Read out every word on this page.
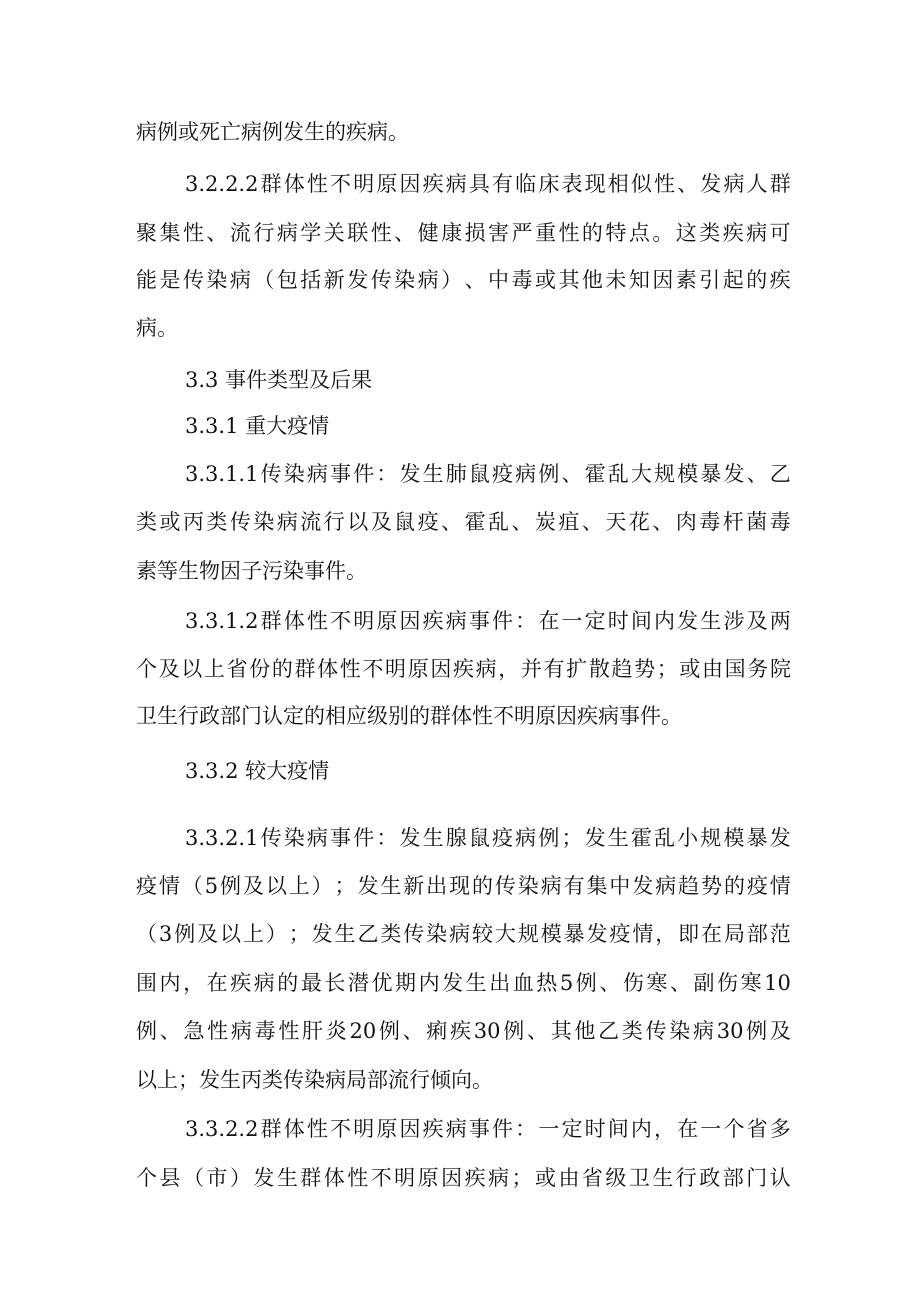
病例或死亡病例发生的疾病。
3.2.2.2 群 体 性 不 明 原 因 疾 病 具 有 临 床 表 现 相 似 性 、 发 病 人 群
聚 集 性 、 流 行 病 学 关 联 性 、 健 康 损 害 严 重 性 的 特 点 。 这 类 疾 病 可
能 是 传 染 病 （ 包 括 新 发 传 染 病 ） 、 中 毒 或 其 他 未 知 因 素 引 起 的 疾
病。
3.3 事件类型及后果
3.3.1 重大疫情
3.3.1.1 传 染 病 事 件 ： 发 生 肺 鼠 疫 病 例 、 霍 乱 大 规 模 暴 发 、 乙
类 或 丙 类 传 染 病 流 行 以 及 鼠 疫 、 霍 乱 、 炭 疽 、 天 花 、 肉 毒 杆 菌 毒
素等生物因子污染事件。
3.3.1.2 群 体 性 不 明 原 因 疾 病 事 件 ： 在 一 定 时 间 内 发 生 涉 及 两
个 及 以 上 省 份 的 群 体 性 不 明 原 因 疾 病 ， 并 有 扩 散 趋 势 ； 或 由 国 务 院
卫生行政部门认定的相应级别的群体性不明原因疾病事件。
3.3.2 较大疫情
3.3.2.1 传 染 病 事 件 ： 发 生 腺 鼠 疫 病 例 ； 发 生 霍 乱 小 规 模 暴 发
疫 情 （ 5 例 及 以 上 ） ； 发 生 新 出 现 的 传 染 病 有 集 中 发 病 趋 势 的 疫 情
（ 3 例 及 以 上 ） ； 发 生 乙 类 传 染 病 较 大 规 模 暴 发 疫 情 ， 即 在 局 部 范
围 内 ， 在 疾 病 的 最 长 潜 优 期 内 发 生 出 血 热 5 例 、 伤 寒 、 副 伤 寒 10
例 、 急 性 病 毒 性 肝 炎 20 例 、 痢 疾 30 例 、 其 他 乙 类 传 染 病 30 例 及
以上；发生丙类传染病局部流行倾向。
3.3.2.2 群 体 性 不 明 原 因 疾 病 事 件 ： 一 定 时 间 内 ， 在 一 个 省 多
个 县 （ 市 ） 发 生 群 体 性 不 明 原 因 疾 病 ； 或 由 省 级 卫 生 行 政 部 门 认
